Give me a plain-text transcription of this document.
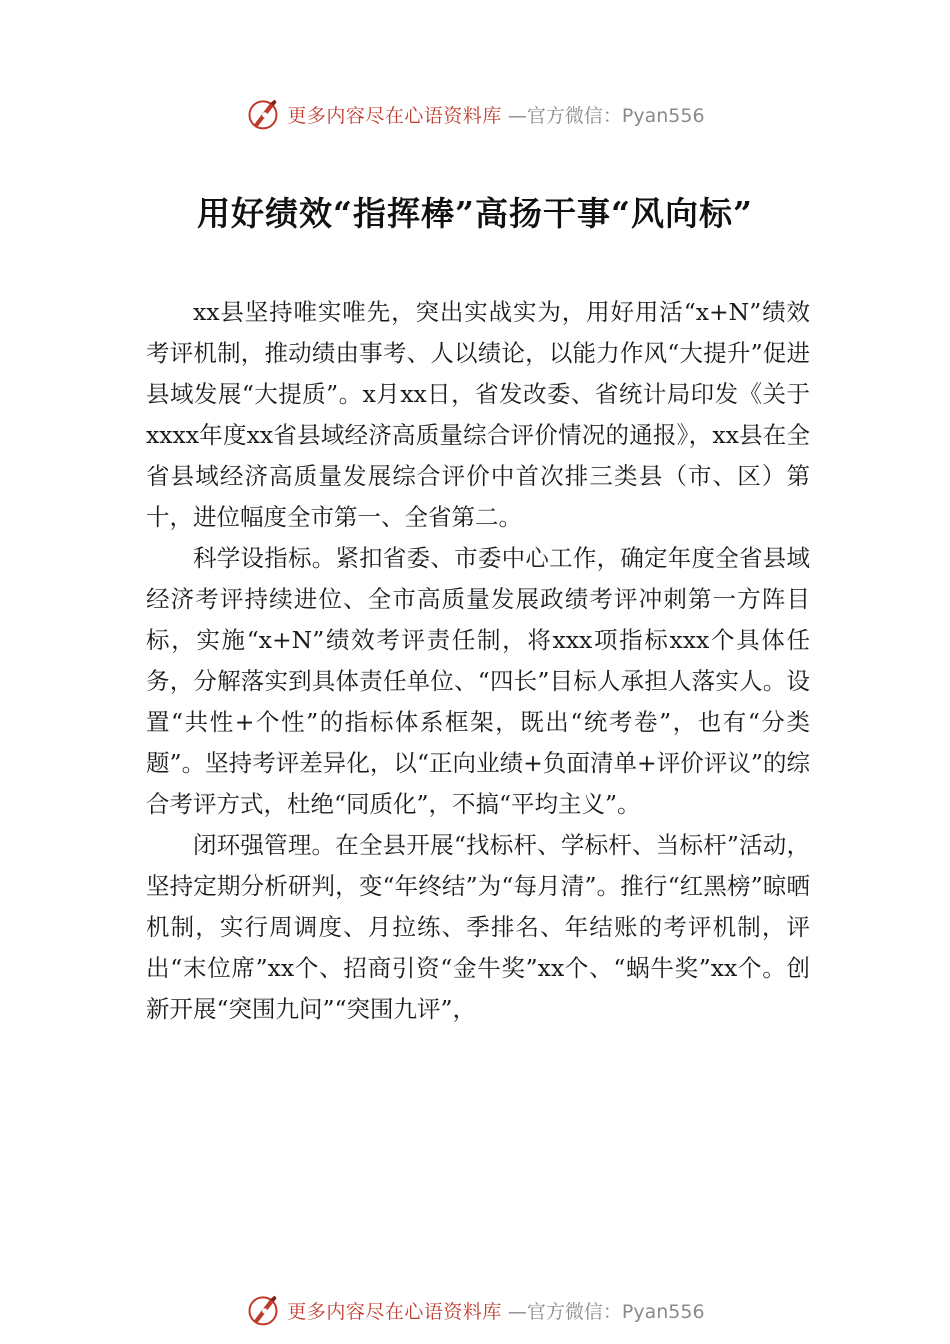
更多内容尽在心语资料库 —官方微信：Pyan556
用好绩效“指挥棒”高扬干事“风向标”

xx县坚持唯实唯先，突出实战实为，用好用活“x+N”绩效考评机制，推动绩由事考、人以绩论，以能力作风“大提升”促进县域发展“大提质”。x月xx日，省发改委、省统计局印发《关于xxxx年度xx省县域经济高质量综合评价情况的通报》，xx县在全省县域经济高质量发展综合评价中首次排三类县（市、区）第十，进位幅度全市第一、全省第二。

科学设指标。紧扣省委、市委中心工作，确定年度全省县域经济考评持续进位、全市高质量发展政绩考评冲刺第一方阵目标，实施“x+N”绩效考评责任制，将xxx项指标xxx个具体任务，分解落实到具体责任单位、“四长”目标人承担人落实人。设置“共性+个性”的指标体系框架，既出“统考卷”，也有“分类题”。坚持考评差异化，以“正向业绩+负面清单+评价评议”的综合考评方式，杜绝“同质化”，不搞“平均主义”。

闭环强管理。在全县开展“找标杆、学标杆、当标杆”活动，坚持定期分析研判，变“年终结”为“每月清”。推行“红黑榜”晾晒机制，实行周调度、月拉练、季排名、年结账的考评机制，评出“末位席”xx个、招商引资“金牛奖”xx个、“蜗牛奖”xx个。创新开展“突围九问”“突围九评”，

更多内容尽在心语资料库 —官方微信：Pyan556
